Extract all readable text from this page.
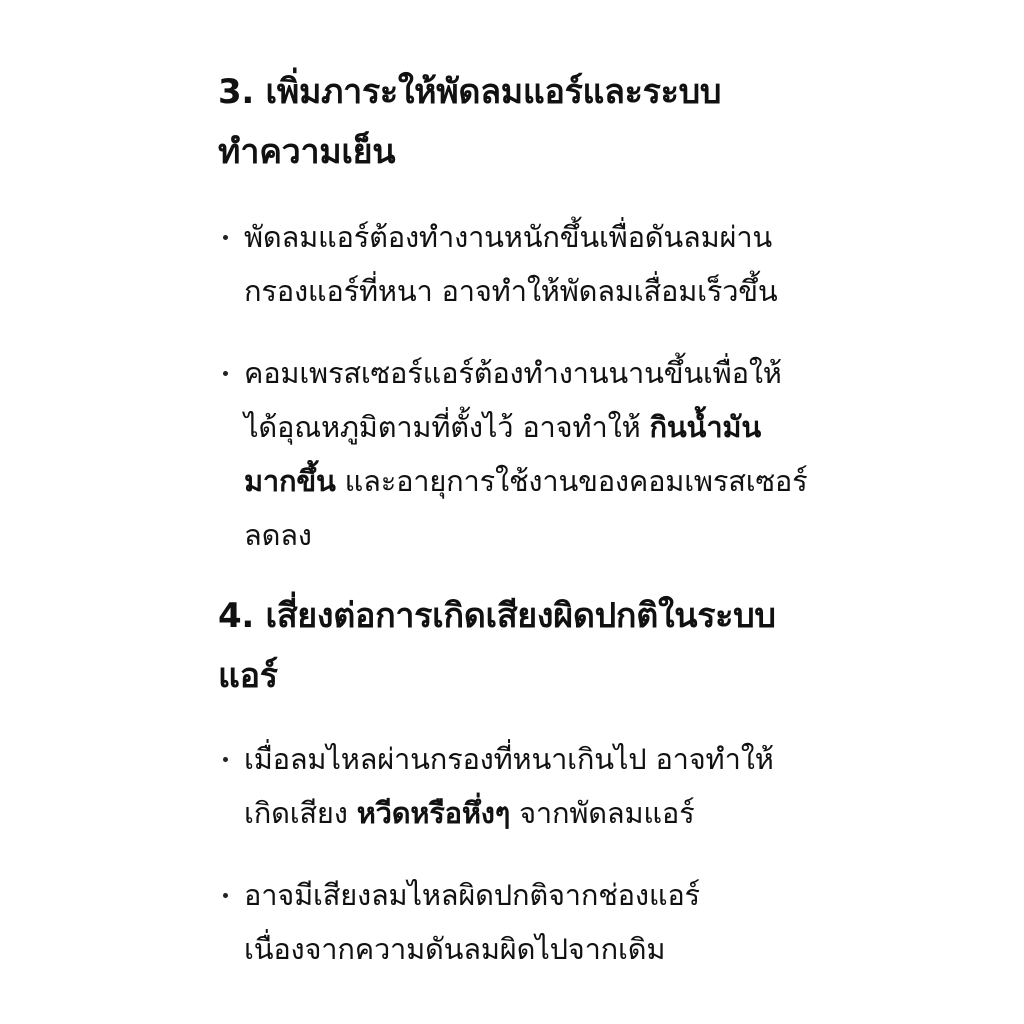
3. เพิ่มภาระให้พัดลมแอร์และระบบ
ทำความเย็น
พัดลมแอร์ต้องทำงานหนักขึ้นเพื่อดันลมผ่าน
กรองแอร์ที่หนา อาจทำให้พัดลมเสื่อมเร็วขึ้น
คอมเพรสเซอร์แอร์ต้องทำงานนานขึ้นเพื่อให้
ได้อุณหภูมิตามที่ตั้งไว้ อาจทำให้ กินน้ำมัน
มากขึ้น และอายุการใช้งานของคอมเพรสเซอร์
ลดลง
4. เสี่ยงต่อการเกิดเสียงผิดปกติในระบบ
แอร์
เมื่อลมไหลผ่านกรองที่หนาเกินไป อาจทำให้
เกิดเสียง หวีดหรือหึ่งๆ จากพัดลมแอร์
อาจมีเสียงลมไหลผิดปกติจากช่องแอร์
เนื่องจากความดันลมผิดไปจากเดิม
